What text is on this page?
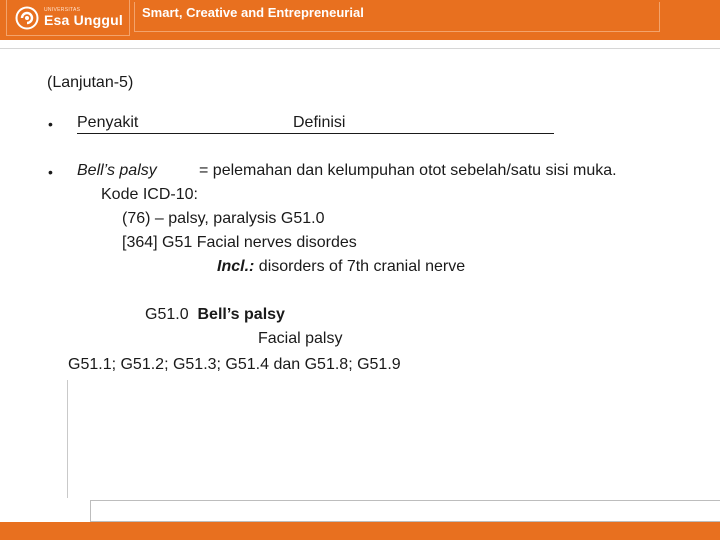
UNIVERSITAS
Esa Unggul Smart, Creative and Entrepreneurial
(Lanjutan-5)
• Penyakit	Definisi
• Bell’s palsy	= pelemahan dan kelumpuhan otot sebelah/satu sisi muka.
Kode ICD-10:
(76) – palsy, paralysis G51.0
[364] G51 Facial nerves disordes
Incl.: disorders of 7th cranial nerve
G51.0 Bell’s palsy
Facial palsy
G51.1; G51.2; G51.3; G51.4 dan G51.8; G51.9
